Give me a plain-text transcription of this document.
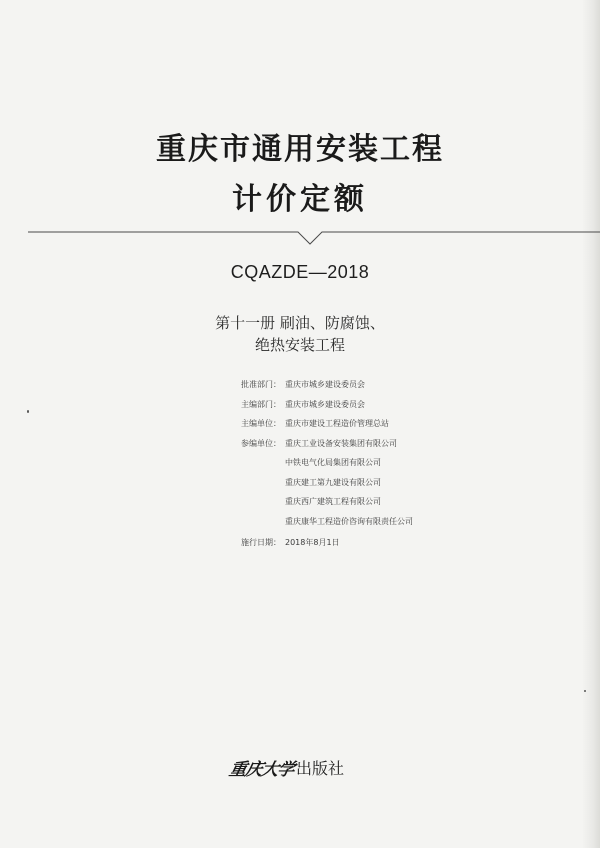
重庆市通用安装工程
计价定额
CQAZDE—2018
第十一册 刷油、防腐蚀、
绝热安装工程
批准部门： 重庆市城乡建设委员会
主编部门： 重庆市城乡建设委员会
主编单位： 重庆市建设工程造价管理总站
参编单位： 重庆工业设备安装集团有限公司
中铁电气化局集团有限公司
重庆建工第九建设有限公司
重庆西广建筑工程有限公司
重庆康华工程造价咨询有限责任公司
施行日期： 2018年8月1日
重庆大学 出版社
